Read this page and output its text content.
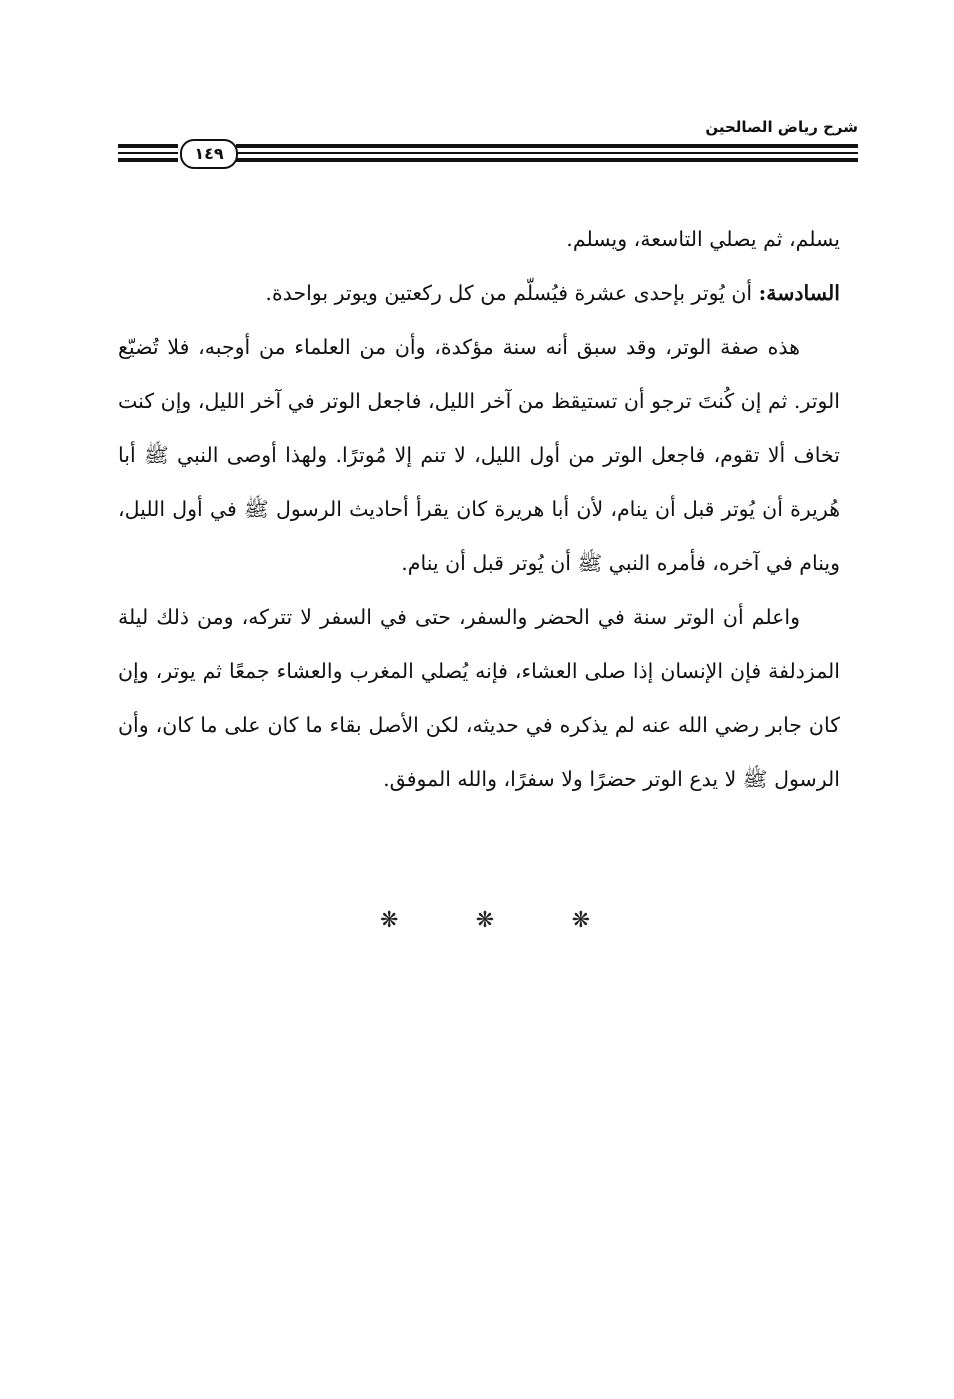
شرح رياض الصالحين
١٤٩

يسلم، ثم يصلي التاسعة، ويسلم.

السادسة: أن يُوتر بإحدى عشرة فيُسلّم من كل ركعتين ويوتر بواحدة.

هذه صفة الوتر، وقد سبق أنه سنة مؤكدة، وأن من العلماء من أوجبه، فلا تُضيّع الوتر. ثم إن كُنتَ ترجو أن تستيقظ من آخر الليل، فاجعل الوتر في آخر الليل، وإن كنت تخاف ألا تقوم، فاجعل الوتر من أول الليل، لا تنم إلا مُوترًا. ولهذا أوصى النبي ﷺ أبا هُريرة أن يُوتر قبل أن ينام، لأن أبا هريرة كان يقرأ أحاديث الرسول ﷺ في أول الليل، وينام في آخره، فأمره النبي ﷺ أن يُوتر قبل أن ينام.

واعلم أن الوتر سنة في الحضر والسفر، حتى في السفر لا تتركه، ومن ذلك ليلة المزدلفة فإن الإنسان إذا صلى العشاء، فإنه يُصلي المغرب والعشاء جمعًا ثم يوتر، وإن كان جابر رضي الله عنه لم يذكره في حديثه، لكن الأصل بقاء ما كان على ما كان، وأن الرسول ﷺ لا يدع الوتر حضرًا ولا سفرًا، والله الموفق.

❋	❋	❋
